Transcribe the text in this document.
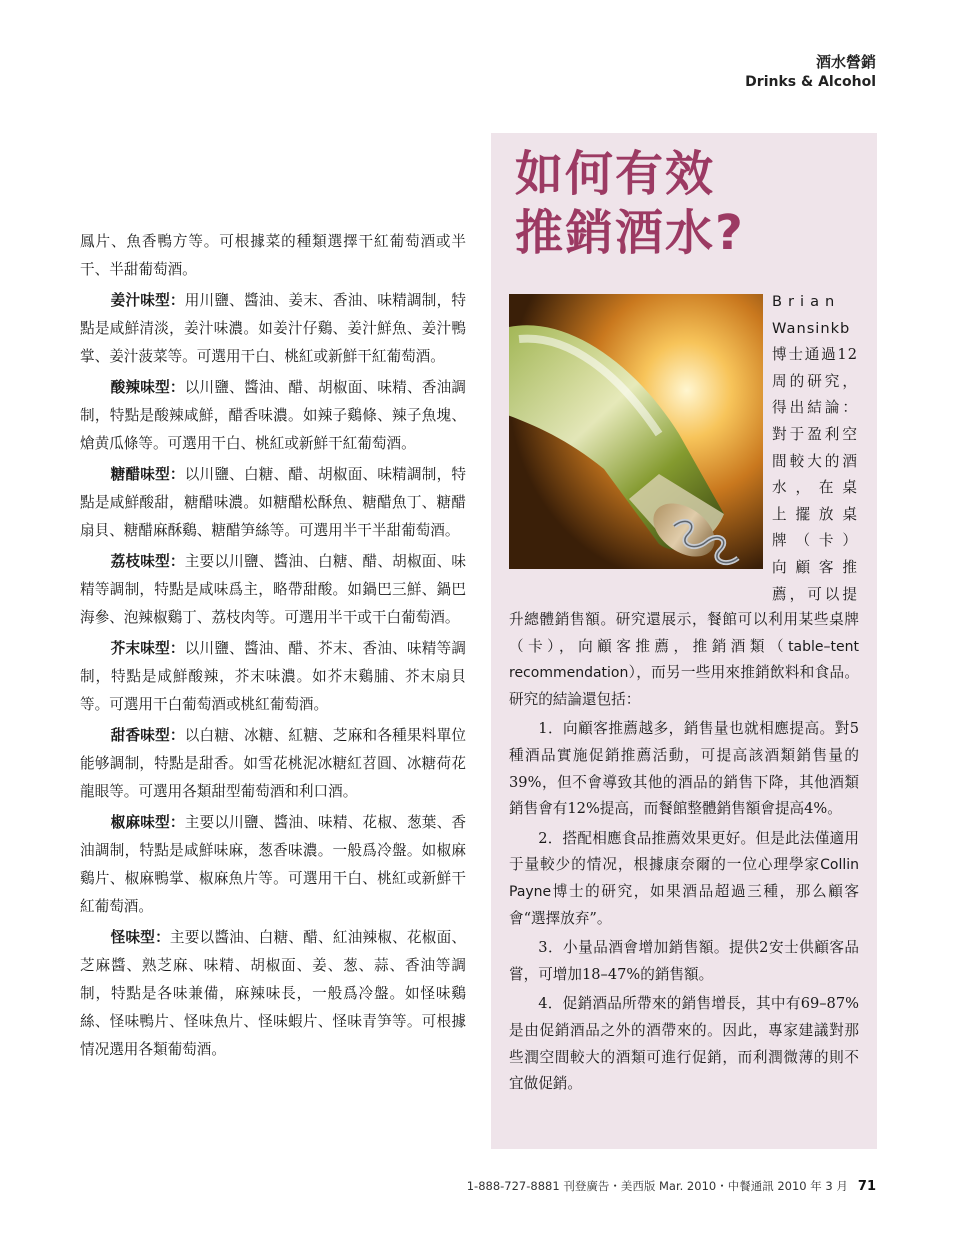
酒水營銷
Drinks & Alcohol

鳳片、魚香鴨方等。可根據菜的種類選擇干紅葡萄酒或半干、半甜葡萄酒。

姜汁味型：用川鹽、醬油、姜末、香油、味精調制，特點是咸鮮清淡，姜汁味濃。如姜汁仔鷄、姜汁鮮魚、姜汁鴨掌、姜汁菠菜等。可選用干白、桃紅或新鮮干紅葡萄酒。

酸辣味型：以川鹽、醬油、醋、胡椒面、味精、香油調制，特點是酸辣咸鮮，醋香味濃。如辣子鷄條、辣子魚塊、熗黄瓜條等。可選用干白、桃紅或新鮮干紅葡萄酒。

糖醋味型：以川鹽、白糖、醋、胡椒面、味精調制，特點是咸鮮酸甜，糖醋味濃。如糖醋松酥魚、糖醋魚丁、糖醋扇貝、糖醋麻酥鷄、糖醋笋絲等。可選用半干半甜葡萄酒。

荔枝味型：主要以川鹽、醬油、白糖、醋、胡椒面、味精等調制，特點是咸味爲主，略帶甜酸。如鍋巴三鮮、鍋巴海參、泡辣椒鷄丁、荔枝肉等。可選用半干或干白葡萄酒。

芥末味型：以川鹽、醬油、醋、芥末、香油、味精等調制，特點是咸鮮酸辣，芥末味濃。如芥末鷄脯、芥末扇貝等。可選用干白葡萄酒或桃紅葡萄酒。

甜香味型：以白糖、冰糖、紅糖、芝麻和各種果料單位能够調制，特點是甜香。如雪花桃泥冰糖紅苕圓、冰糖荷花龍眼等。可選用各類甜型葡萄酒和利口酒。

椒麻味型：主要以川鹽、醬油、味精、花椒、葱葉、香油調制，特點是咸鮮味麻，葱香味濃。一般爲冷盤。如椒麻鷄片、椒麻鴨掌、椒麻魚片等。可選用干白、桃紅或新鮮干紅葡萄酒。

怪味型：主要以醬油、白糖、醋、紅油辣椒、花椒面、芝麻醬、熟芝麻、味精、胡椒面、姜、葱、蒜、香油等調制，特點是各味兼備，麻辣味長，一般爲冷盤。如怪味鷄絲、怪味鴨片、怪味魚片、怪味蝦片、怪味青笋等。可根據情况選用各類葡萄酒。

如何有效
推銷酒水?

Brian

Wansinkb

博士通過12

周的研究，

得出結論：

對于盈利空

間較大的酒

水，在桌

上擺放桌

牌（卡）

向顧客推

薦，可以提

升總體銷售額。研究還展示，餐館可以利用某些桌牌（卡），向顧客推薦，推銷酒類（table–tent recommendation），而另一些用來推銷飲料和食品。研究的結論還包括：

1．向顧客推薦越多，銷售量也就相應提高。對5種酒品實施促銷推薦活動，可提高該酒類銷售量的39%，但不會導致其他的酒品的銷售下降，其他酒類銷售會有12%提高，而餐館整體銷售額會提高4%。

2．搭配相應食品推薦效果更好。但是此法僅適用于量較少的情况，根據康奈爾的一位心理學家Collin Payne博士的研究，如果酒品超過三種，那么顧客會“選擇放弃”。

3．小量品酒會增加銷售額。提供2安士供顧客品嘗，可增加18–47%的銷售額。

4．促銷酒品所帶來的銷售增長，其中有69–87%是由促銷酒品之外的酒帶來的。因此，專家建議對那些潤空間較大的酒類可進行促銷，而利潤微薄的則不宜做促銷。

1-888-727-8881 刊登廣告・美西版 Mar. 2010・中餐通訊 2010 年 3 月 71
